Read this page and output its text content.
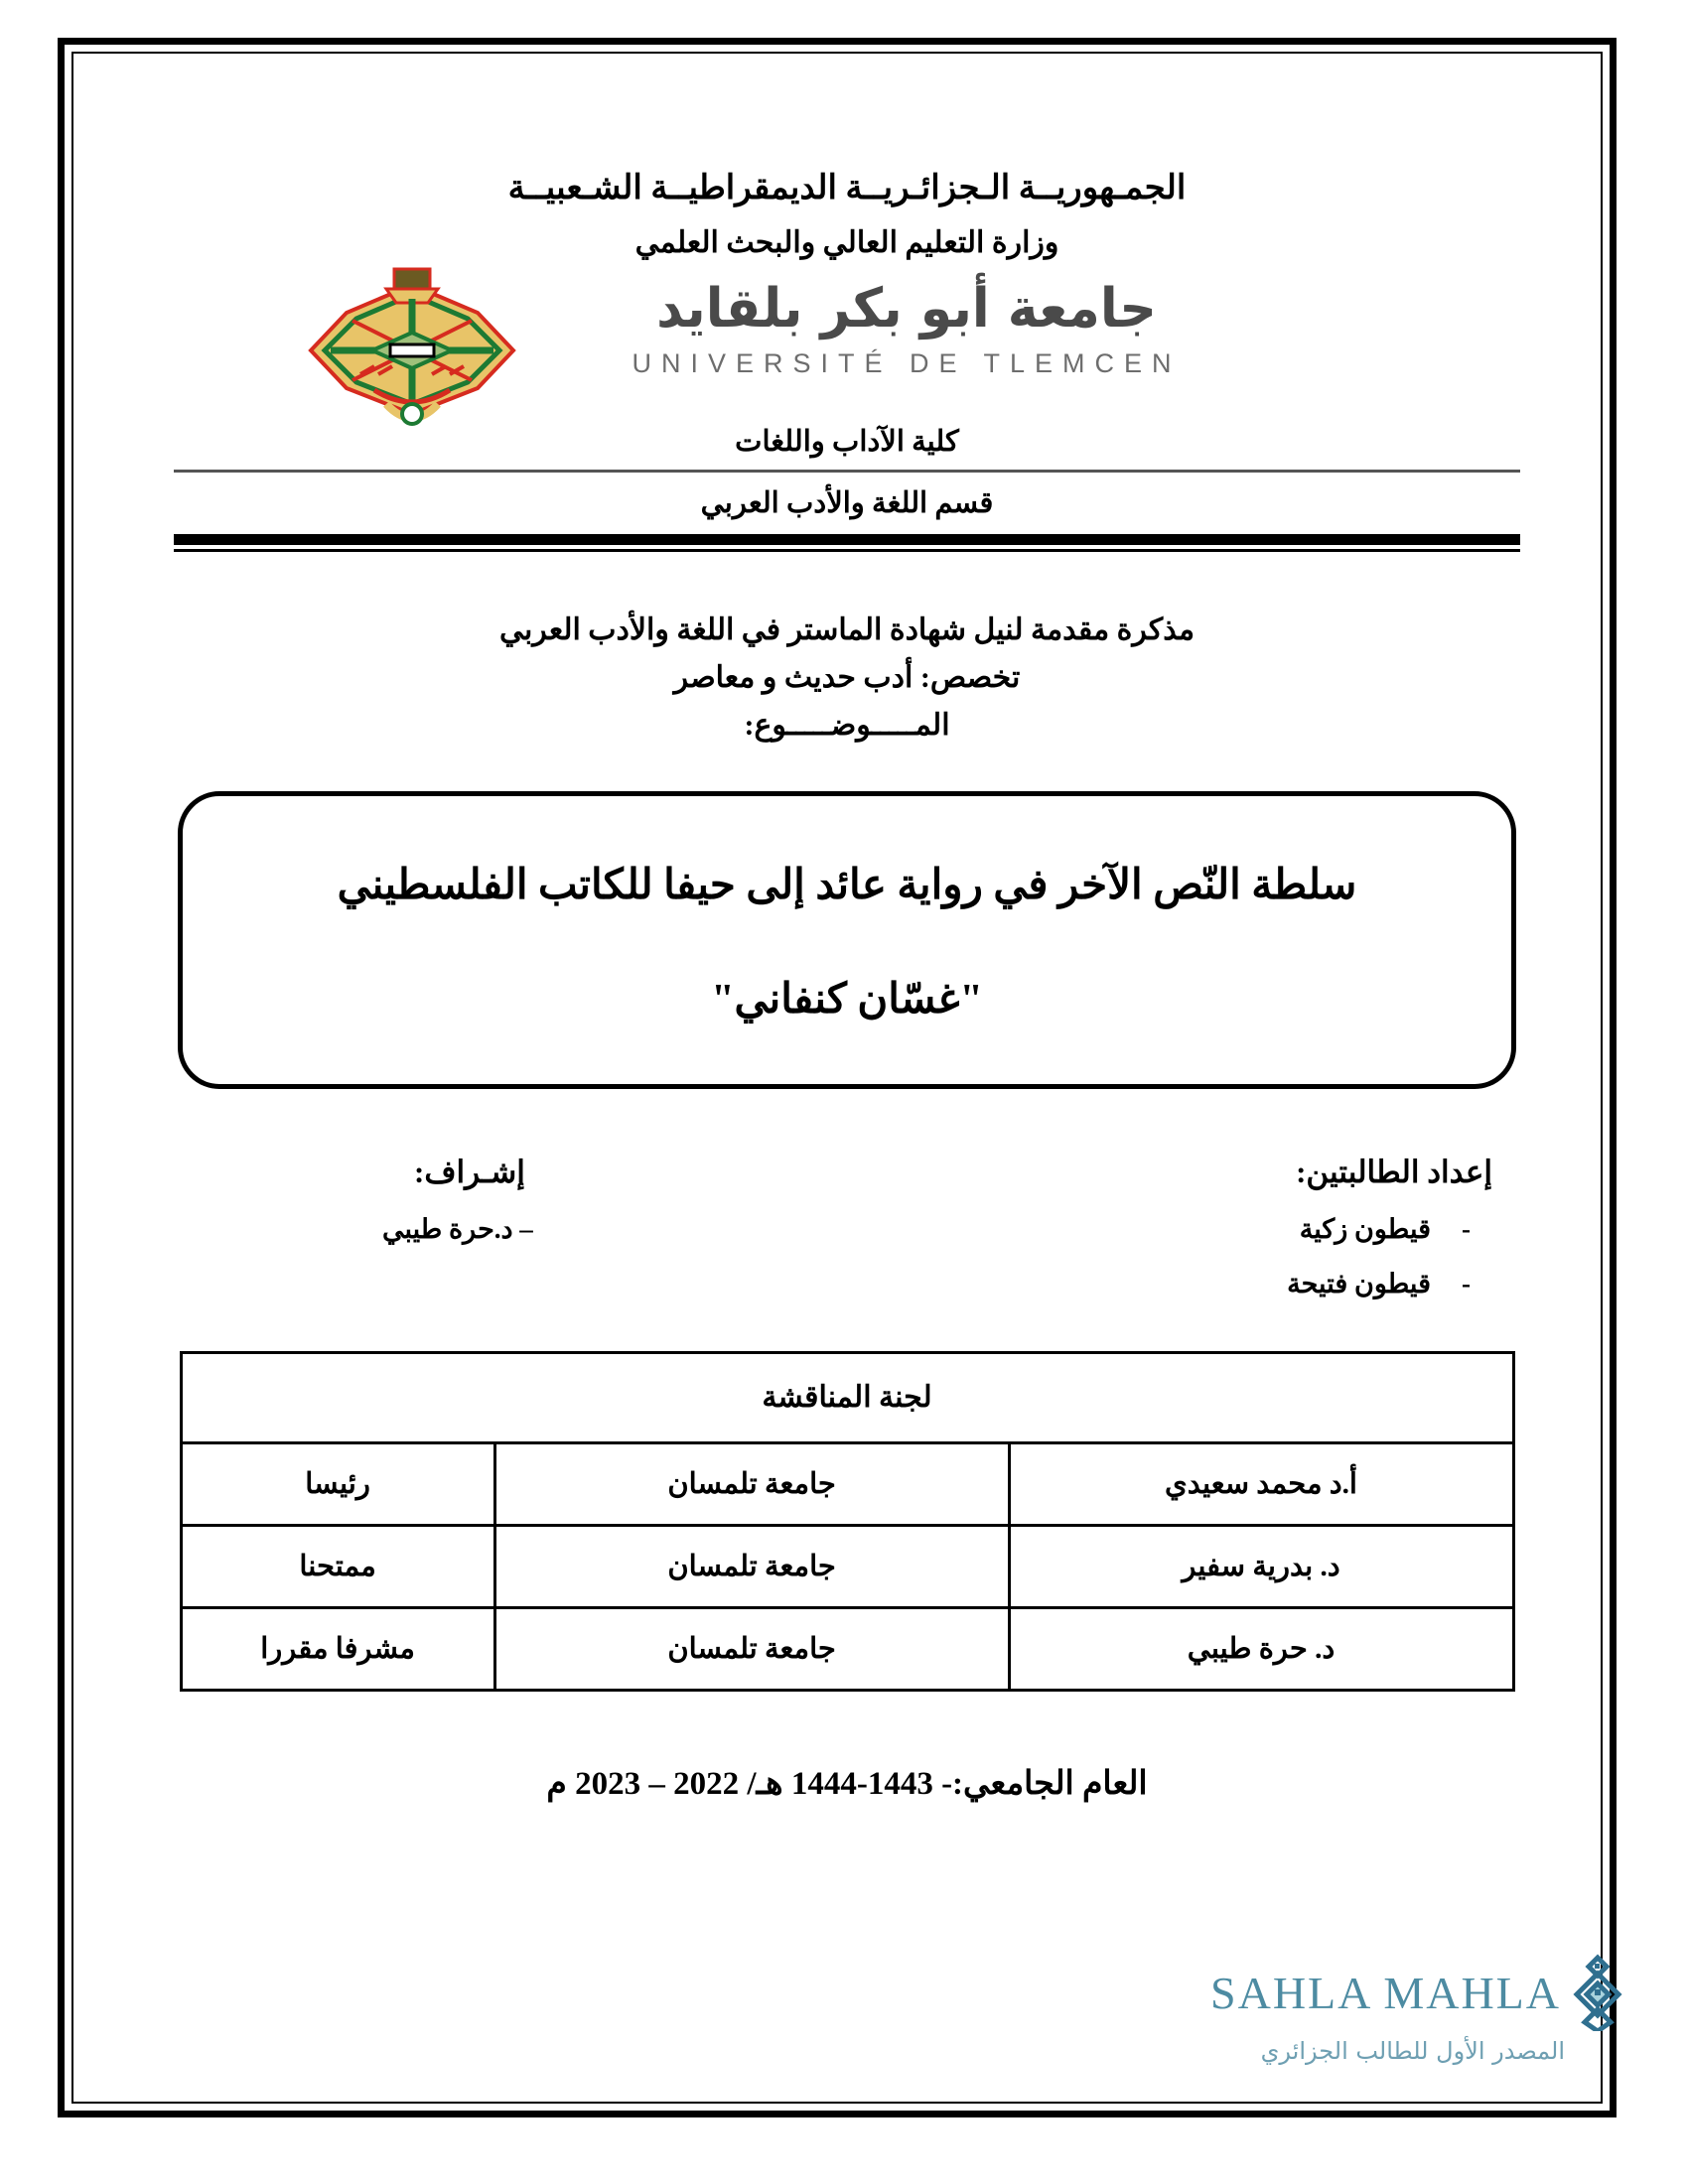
الجمـهوريــة الـجزائـريــة الديمقراطيــة الشـعبيــة
وزارة التعليم العالي والبحث العلمي
جامعة أبو بكر بلقايد
UNIVERSITÉ DE TLEMCEN
كلية الآداب واللغات
قسم اللغة والأدب العربي
مذكرة مقدمة لنيل شهادة الماستر في اللغة والأدب العربي
تخصص: أدب حديث و معاصر
المـــــوضـــــوع:
سلطة النّص الآخر في رواية عائد إلى حيفا للكاتب الفلسطيني
"غسّان كنفاني"
إعداد الطالبتين:
- قيطون زكية
- قيطون فتيحة
إشـراف:
– د.حرة طيبي
لجنة المناقشة		
أ.د محمد سعيدي	جامعة تلمسان	رئيسا
د. بدرية سفير	جامعة تلمسان	ممتحنا
د. حرة طيبي	جامعة تلمسان	مشرفا مقررا
العام الجامعي:- 1443-1444 هـ/ 2022 – 2023 م
SAHLA MAHLA
المصدر الأول للطالب الجزائري
